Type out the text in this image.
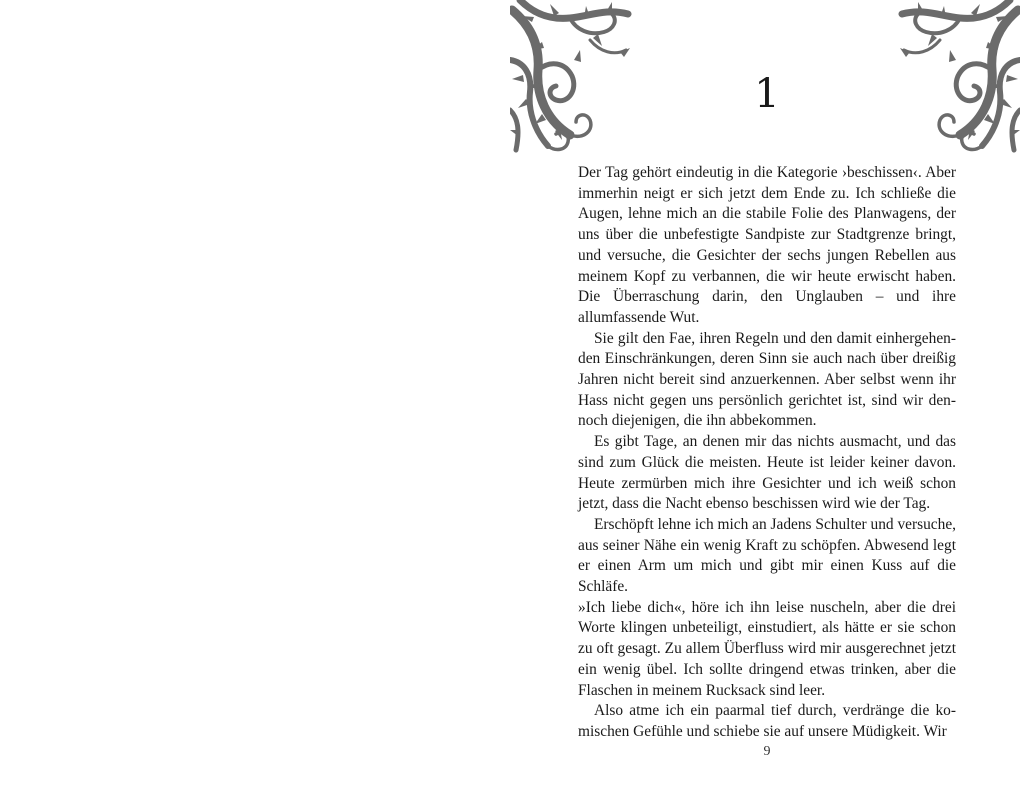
1

Der Tag gehört eindeutig in die Kategorie ›beschissen‹. Aber immerhin neigt er sich jetzt dem Ende zu. Ich schließe die Augen, lehne mich an die stabile Folie des Planwagens, der uns über die unbefestigte Sandpiste zur Stadtgrenze bringt, und versuche, die Gesichter der sechs jungen Rebellen aus meinem Kopf zu verbannen, die wir heute erwischt haben. Die Überraschung darin, den Unglauben – und ihre allumfassende Wut.

Sie gilt den Fae, ihren Regeln und den damit einhergehenden Einschränkungen, deren Sinn sie auch nach über dreißig Jahren nicht bereit sind anzuerkennen. Aber selbst wenn ihr Hass nicht gegen uns persönlich gerichtet ist, sind wir dennoch diejenigen, die ihn abbekommen.

Es gibt Tage, an denen mir das nichts ausmacht, und das sind zum Glück die meisten. Heute ist leider keiner davon. Heute zermürben mich ihre Gesichter und ich weiß schon jetzt, dass die Nacht ebenso beschissen wird wie der Tag.

Erschöpft lehne ich mich an Jadens Schulter und versuche, aus seiner Nähe ein wenig Kraft zu schöpfen. Abwesend legt er einen Arm um mich und gibt mir einen Kuss auf die Schläfe.

»Ich liebe dich«, höre ich ihn leise nuscheln, aber die drei Worte klingen unbeteiligt, einstudiert, als hätte er sie schon zu oft gesagt. Zu allem Überfluss wird mir ausgerechnet jetzt ein wenig übel. Ich sollte dringend etwas trinken, aber die Flaschen in meinem Rucksack sind leer.

Also atme ich ein paarmal tief durch, verdränge die komischen Gefühle und schiebe sie auf unsere Müdigkeit. Wir

9
